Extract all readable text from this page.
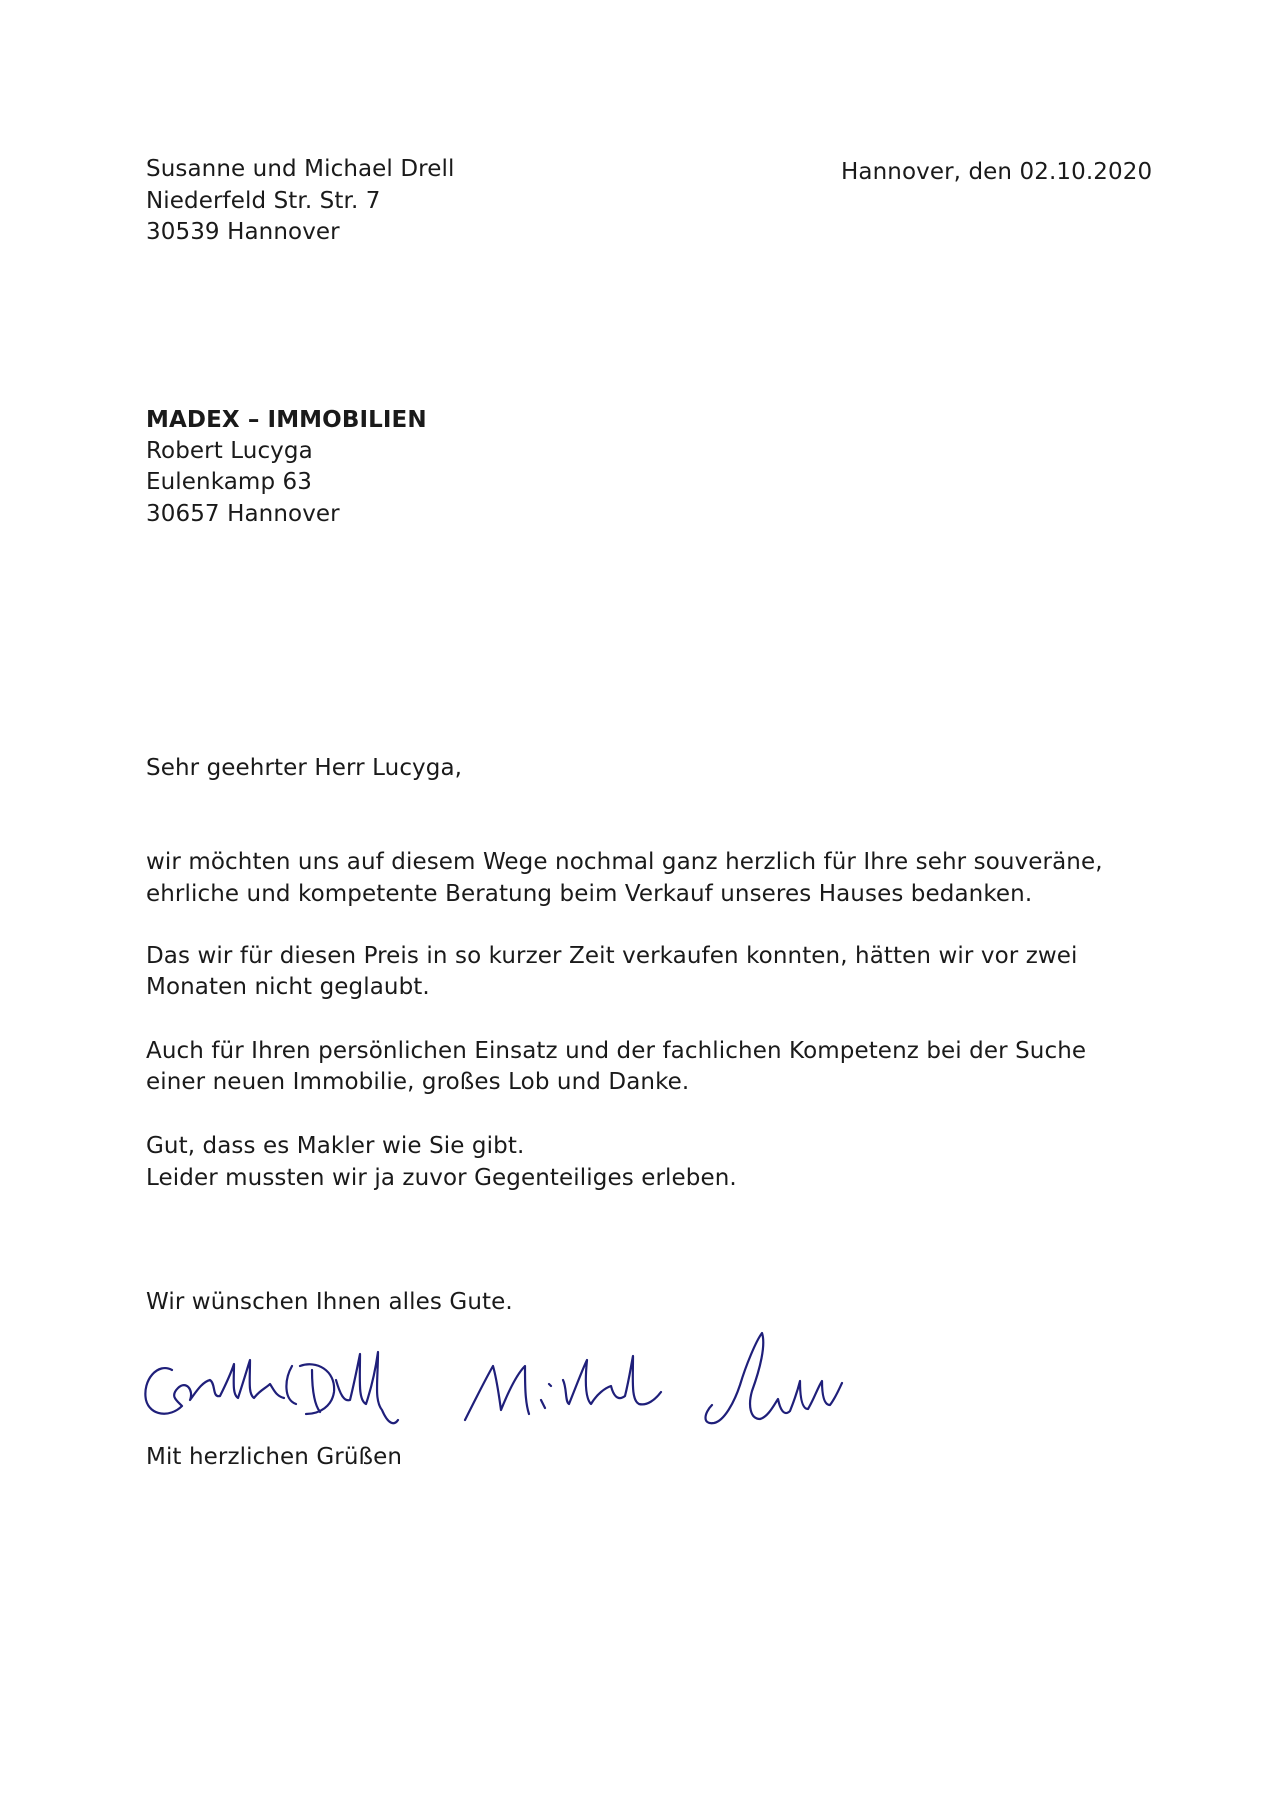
Susanne und Michael Drell
Niederfeld Str. Str. 7
30539 Hannover
Hannover, den 02.10.2020
MADEX – IMMOBILIEN
Robert Lucyga
Eulenkamp 63
30657 Hannover
Sehr geehrter Herr Lucyga,
wir möchten uns auf diesem Wege nochmal ganz herzlich für Ihre sehr souveräne,
ehrliche und kompetente Beratung beim Verkauf unseres Hauses bedanken.
Das wir für diesen Preis in so kurzer Zeit verkaufen konnten, hätten wir vor zwei
Monaten nicht geglaubt.
Auch für Ihren persönlichen Einsatz und der fachlichen Kompetenz bei der Suche
einer neuen Immobilie, großes Lob und Danke.
Gut, dass es Makler wie Sie gibt.
Leider mussten wir ja zuvor Gegenteiliges erleben.
Wir wünschen Ihnen alles Gute.
Mit herzlichen Grüßen
